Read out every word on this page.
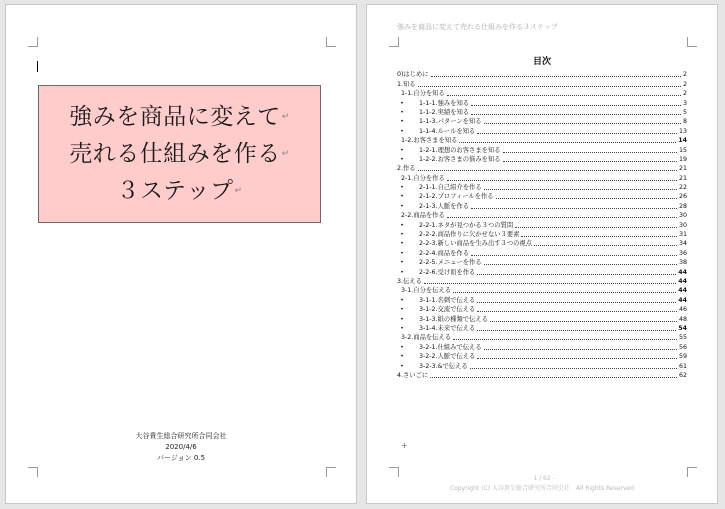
強みを商品に変えて↵
売れる仕組みを作る↵
３ステップ↵
大谷貴生総合研究所合同会社
2020/4/6
バージョン 0.5
強みを商品に変えて売れる仕組みを作る３ステップ
目次
0)はじめに	2
1.知る	2
1-1.自分を知る	2
•	1-1-1.強みを知る	3
•	1-1-2.実績を知る	5
•	1-1-3.パターンを知る	8
•	1-1-4.ルールを知る	13
1-2.お客さまを知る	14
•	1-2-1.理想のお客さまを知る	15
•	1-2-2.お客さまの悩みを知る	19
2.作る	21
2-1.自分を作る	21
•	2-1-1.自己紹介を作る	22
•	2-1-2.プロフィールを作る	26
•	2-1-3.人脈を作る	28
2-2.商品を作る	30
•	2-2-1.ネタが見つかる３つの質問	30
•	2-2-2.商品作りに欠かせない３要素	31
•	2-2-3.新しい商品を生み出す３つの視点	34
•	2-2-4.商品を作る	36
•	2-2-5.メニューを作る	38
•	2-2-6.受け皿を作る	44
3.伝える	44
3-1.自分を伝える	44
•	3-1-1.名刺で伝える	44
•	3-1-2.交流で伝える	46
•	3-1-3.紙の種類で伝える	48
•	3-1-4.未来で伝える	54
3-2.商品を伝える	55
•	3-2-1.仕組みで伝える	56
•	3-2-2.人脈で伝える	59
•	3-2-3.&で伝える	61
4.さいごに	62
+
- 1 / 62 -
Copyright (C) 大谷貴生総合研究所合同会社　All Rights Reserved
